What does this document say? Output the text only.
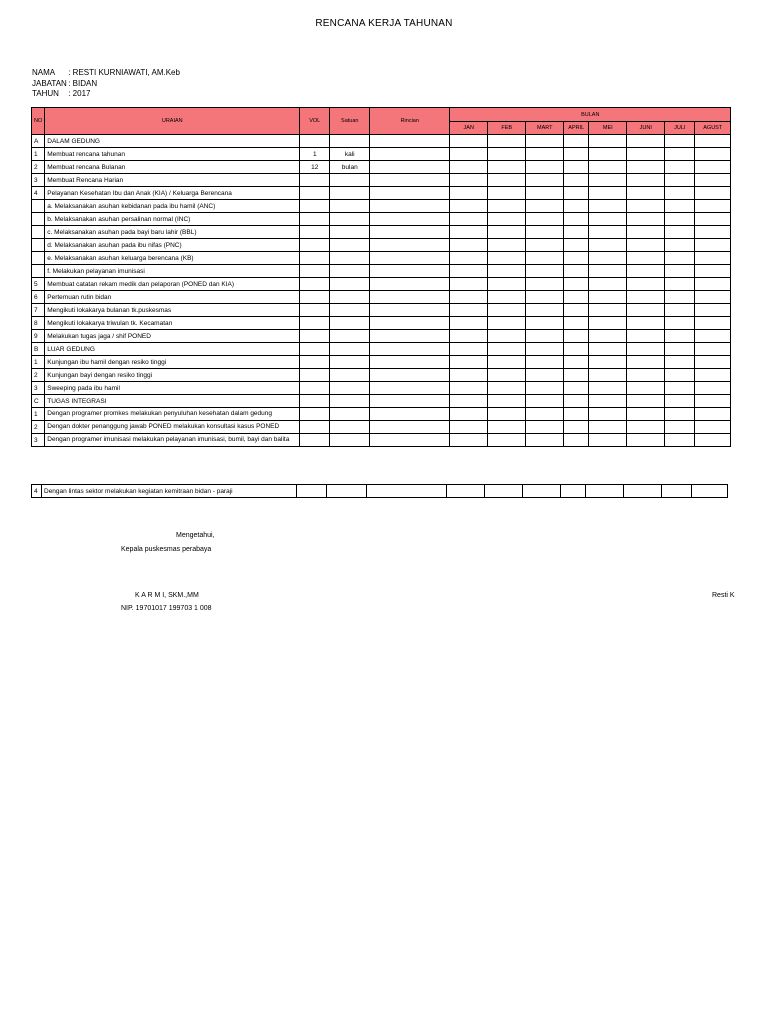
RENCANA KERJA TAHUNAN
NAMA : RESTI KURNIAWATI, AM.Keb
JABATAN : BIDAN
TAHUN : 2017
NO	URAIAN	VOL	Satuan	Rincian	BULAN							
					JAN	FEB	MART	APRIL	MEI	JUNI	JULI	AGUST
A	DALAM GEDUNG											
1	Membuat rencana tahunan	1	kali									
2	Membuat rencana Bulanan	12	bulan									
3	Membuat Rencana Harian											
4	Pelayanan Kesehatan Ibu dan Anak (KIA) / Keluarga Berencana											
	a. Melaksanakan asuhan kebidanan pada ibu hamil (ANC)											
	b. Melaksanakan asuhan persalinan normal (INC)											
	c. Melaksanakan asuhan pada bayi baru lahir (BBL)											
	d. Melaksanakan asuhan pada ibu nifas (PNC)											
	e. Melaksanakan asuhan keluarga berencana (KB)											
	f. Melakukan pelayanan imunisasi											
5	Membuat catatan rekam medik dan pelaporan (PONED dan KIA)											
6	Pertemuan rutin bidan											
7	Mengikuti lokakarya bulanan tk.puskesmas											
8	Mengikuti lokakarya triwulan tk. Kecamatan											
9	Melakukan tugas jaga / shif PONED											
B	LUAR GEDUNG											
1	Kunjungan ibu hamil dengan resiko tinggi											
2	Kunjungan bayi dengan resiko tinggi											
3	Sweeping pada ibu hamil											
C	TUGAS INTEGRASI											
1	Dengan programer promkes melakukan penyuluhan kesehatan dalam gedung											
2	Dengan dokter penanggung jawab PONED melakukan konsultasi kasus PONED											
3	Dengan programer imunisasi melakukan pelayanan imunisasi, bumil, bayi dan balita											
4	Dengan lintas sektor melakukan kegiatan kemitraan bidan - paraji											
Mengetahui,
Kepala puskesmas perabaya
K A R M I, SKM.,MM
NIP. 19701017 199703 1 008
Resti K
